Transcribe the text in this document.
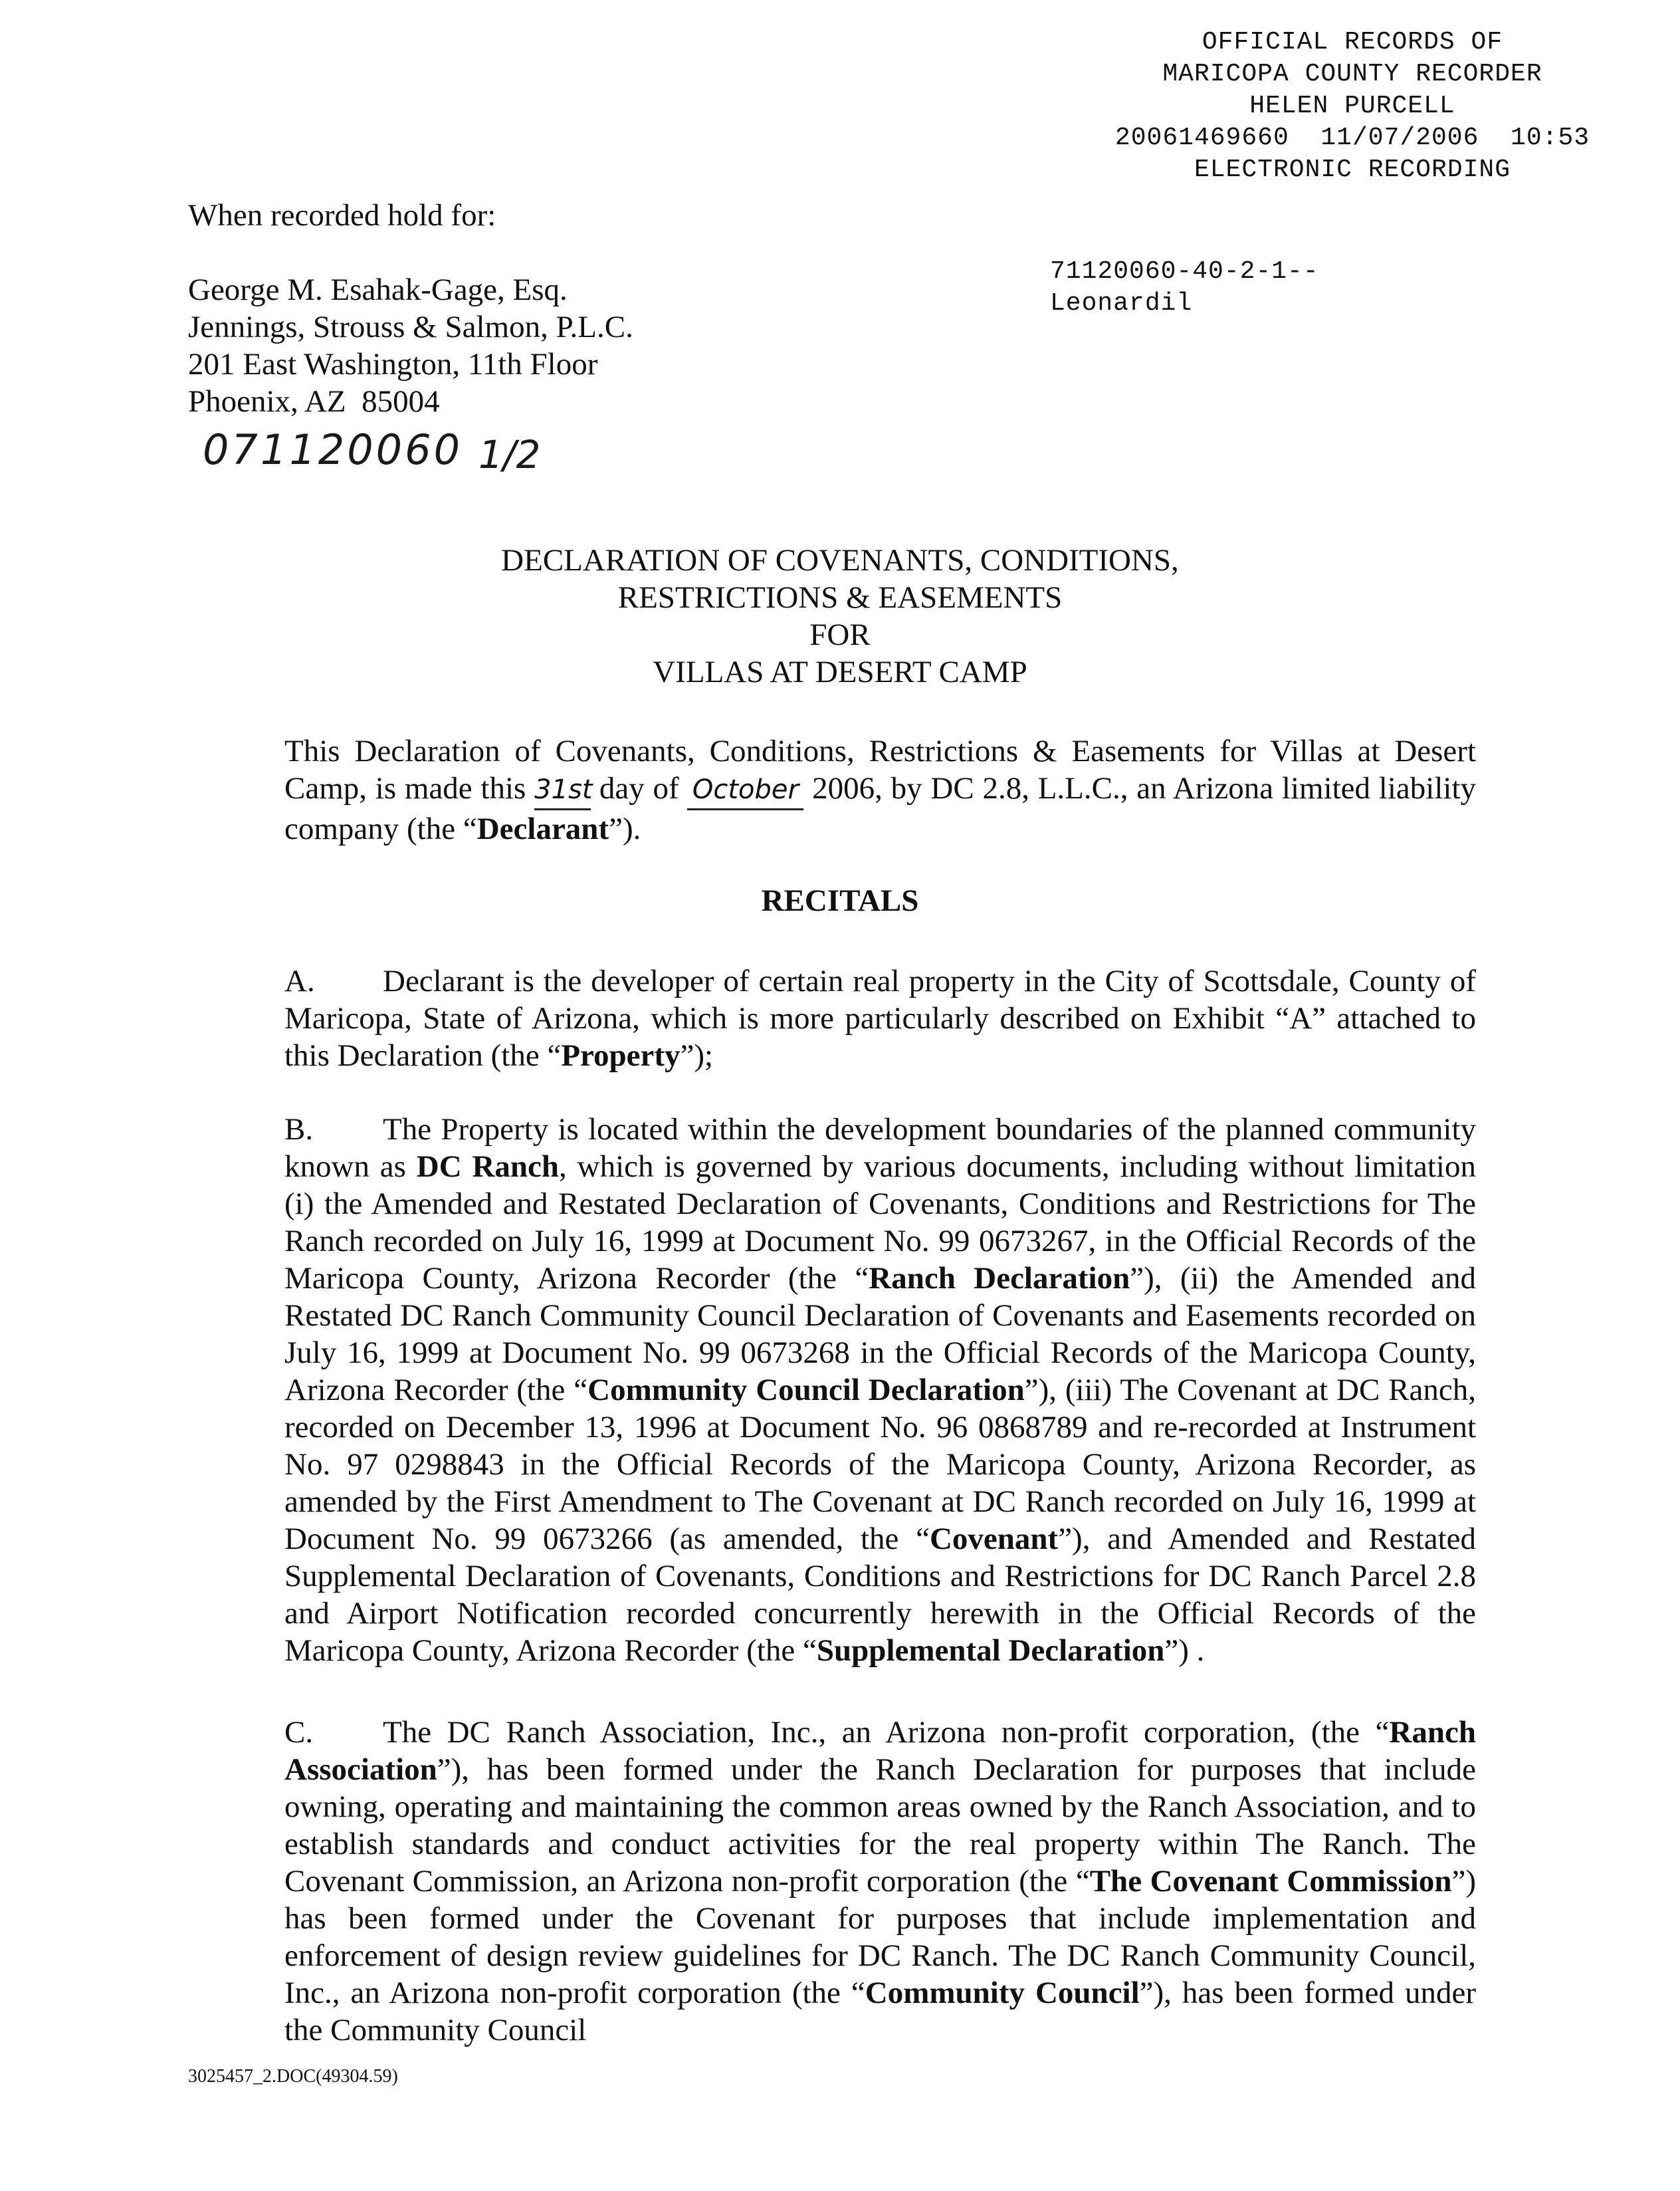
OFFICIAL RECORDS OF
MARICOPA COUNTY RECORDER
HELEN PURCELL
20061469660 11/07/2006 10:53
ELECTRONIC RECORDING
71120060-40-2-1--
Leonardil
When recorded hold for:
George M. Esahak-Gage, Esq.
Jennings, Strouss & Salmon, P.L.C.
201 East Washington, 11th Floor
Phoenix, AZ  85004
071120060 1/2
DECLARATION OF COVENANTS, CONDITIONS,
RESTRICTIONS & EASEMENTS
FOR
VILLAS AT DESERT CAMP

This Declaration of Covenants, Conditions, Restrictions & Easements for Villas at Desert Camp, is made this 31st day of October 2006, by DC 2.8, L.L.C., an Arizona limited liability company (the “Declarant”).

RECITALS

A. Declarant is the developer of certain real property in the City of Scottsdale, County of Maricopa, State of Arizona, which is more particularly described on Exhibit “A” attached to this Declaration (the “Property”);

B. The Property is located within the development boundaries of the planned community known as DC Ranch, which is governed by various documents, including without limitation (i) the Amended and Restated Declaration of Covenants, Conditions and Restrictions for The Ranch recorded on July 16, 1999 at Document No. 99 0673267, in the Official Records of the Maricopa County, Arizona Recorder (the “Ranch Declaration”), (ii) the Amended and Restated DC Ranch Community Council Declaration of Covenants and Easements recorded on July 16, 1999 at Document No. 99 0673268 in the Official Records of the Maricopa County, Arizona Recorder (the “Community Council Declaration”), (iii) The Covenant at DC Ranch, recorded on December 13, 1996 at Document No. 96 0868789 and re-recorded at Instrument No. 97 0298843 in the Official Records of the Maricopa County, Arizona Recorder, as amended by the First Amendment to The Covenant at DC Ranch recorded on July 16, 1999 at Document No. 99 0673266 (as amended, the “Covenant”), and Amended and Restated Supplemental Declaration of Covenants, Conditions and Restrictions for DC Ranch Parcel 2.8 and Airport Notification recorded concurrently herewith in the Official Records of the Maricopa County, Arizona Recorder (the “Supplemental Declaration”) .

C. The DC Ranch Association, Inc., an Arizona non-profit corporation, (the “Ranch Association”), has been formed under the Ranch Declaration for purposes that include owning, operating and maintaining the common areas owned by the Ranch Association, and to establish standards and conduct activities for the real property within The Ranch. The Covenant Commission, an Arizona non-profit corporation (the “The Covenant Commission”) has been formed under the Covenant for purposes that include implementation and enforcement of design review guidelines for DC Ranch. The DC Ranch Community Council, Inc., an Arizona non-profit corporation (the “Community Council”), has been formed under the Community Council

3025457_2.DOC(49304.59)
